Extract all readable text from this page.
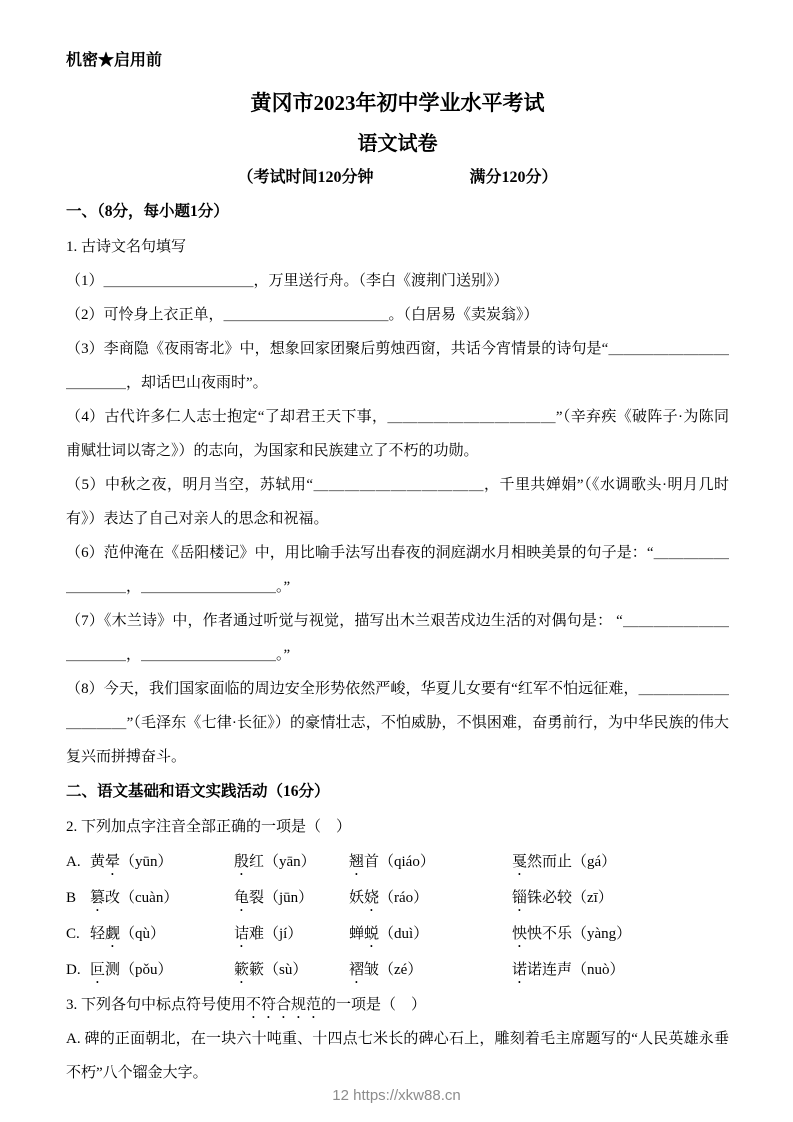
机密★启用前

黄冈市2023年初中学业水平考试
语文试卷

（考试时间120分钟　　　　　　满分120分）

一、（8分，每小题1分）

1. 古诗文名句填写

（1）＿＿＿＿＿＿＿＿＿＿，万里送行舟。（李白《渡荆门送别》）

（2）可怜身上衣正单，＿＿＿＿＿＿＿＿＿＿＿。（白居易《卖炭翁》）

（3）李商隐《夜雨寄北》中，想象回家团聚后剪烛西窗，共话今宵情景的诗句是“＿＿＿＿＿＿＿＿＿＿＿＿，却话巴山夜雨时”。

（4）古代许多仁人志士抱定“了却君王天下事，＿＿＿＿＿＿＿＿＿＿＿”（辛弃疾《破阵子·为陈同甫赋壮词以寄之》）的志向，为国家和民族建立了不朽的功勋。

（5）中秋之夜，明月当空，苏轼用“＿＿＿＿＿＿＿＿＿＿＿，千里共婵娟”（《水调歌头·明月几时有》）表达了自己对亲人的思念和祝福。

（6）范仲淹在《岳阳楼记》中，用比喻手法写出春夜的洞庭湖水月相映美景的句子是：“＿＿＿＿＿＿＿＿＿，＿＿＿＿＿＿＿＿＿。”

（7）《木兰诗》中，作者通过听觉与视觉，描写出木兰艰苦戍边生活的对偶句是： “＿＿＿＿＿＿＿＿＿＿＿，＿＿＿＿＿＿＿＿＿。”

（8）今天，我们国家面临的周边安全形势依然严峻，华夏儿女要有“红军不怕远征难，＿＿＿＿＿＿＿＿＿＿”（毛泽东《七律·长征》）的豪情壮志，不怕威胁，不惧困难，奋勇前行，为中华民族的伟大复兴而拼搏奋斗。

二、语文基础和语文实践活动（16分）

2. 下列加点字注音全部正确的一项是（　）

A. 黄晕（yūn）	殷红（yān）	翘首（qiáo）	戛然而止（gá）
B 篡改（cuàn）	龟裂（jūn）	妖娆（ráo）	锱铢必较（zī）
C. 轻觑（qù）	诘难（jí）	蝉蜕（duì）	怏怏不乐（yàng）
D. 叵测（pǒu）	簌簌（sù）	褶皱（zé）	诺诺连声（nuò）

3. 下列各句中标点符号使用不符合规范的一项是（　）

A. 碑的正面朝北，在一块六十吨重、十四点七米长的碑心石上，雕刻着毛主席题写的“人民英雄永垂不朽”八个镏金大字。

12 https://xkw88.cn
